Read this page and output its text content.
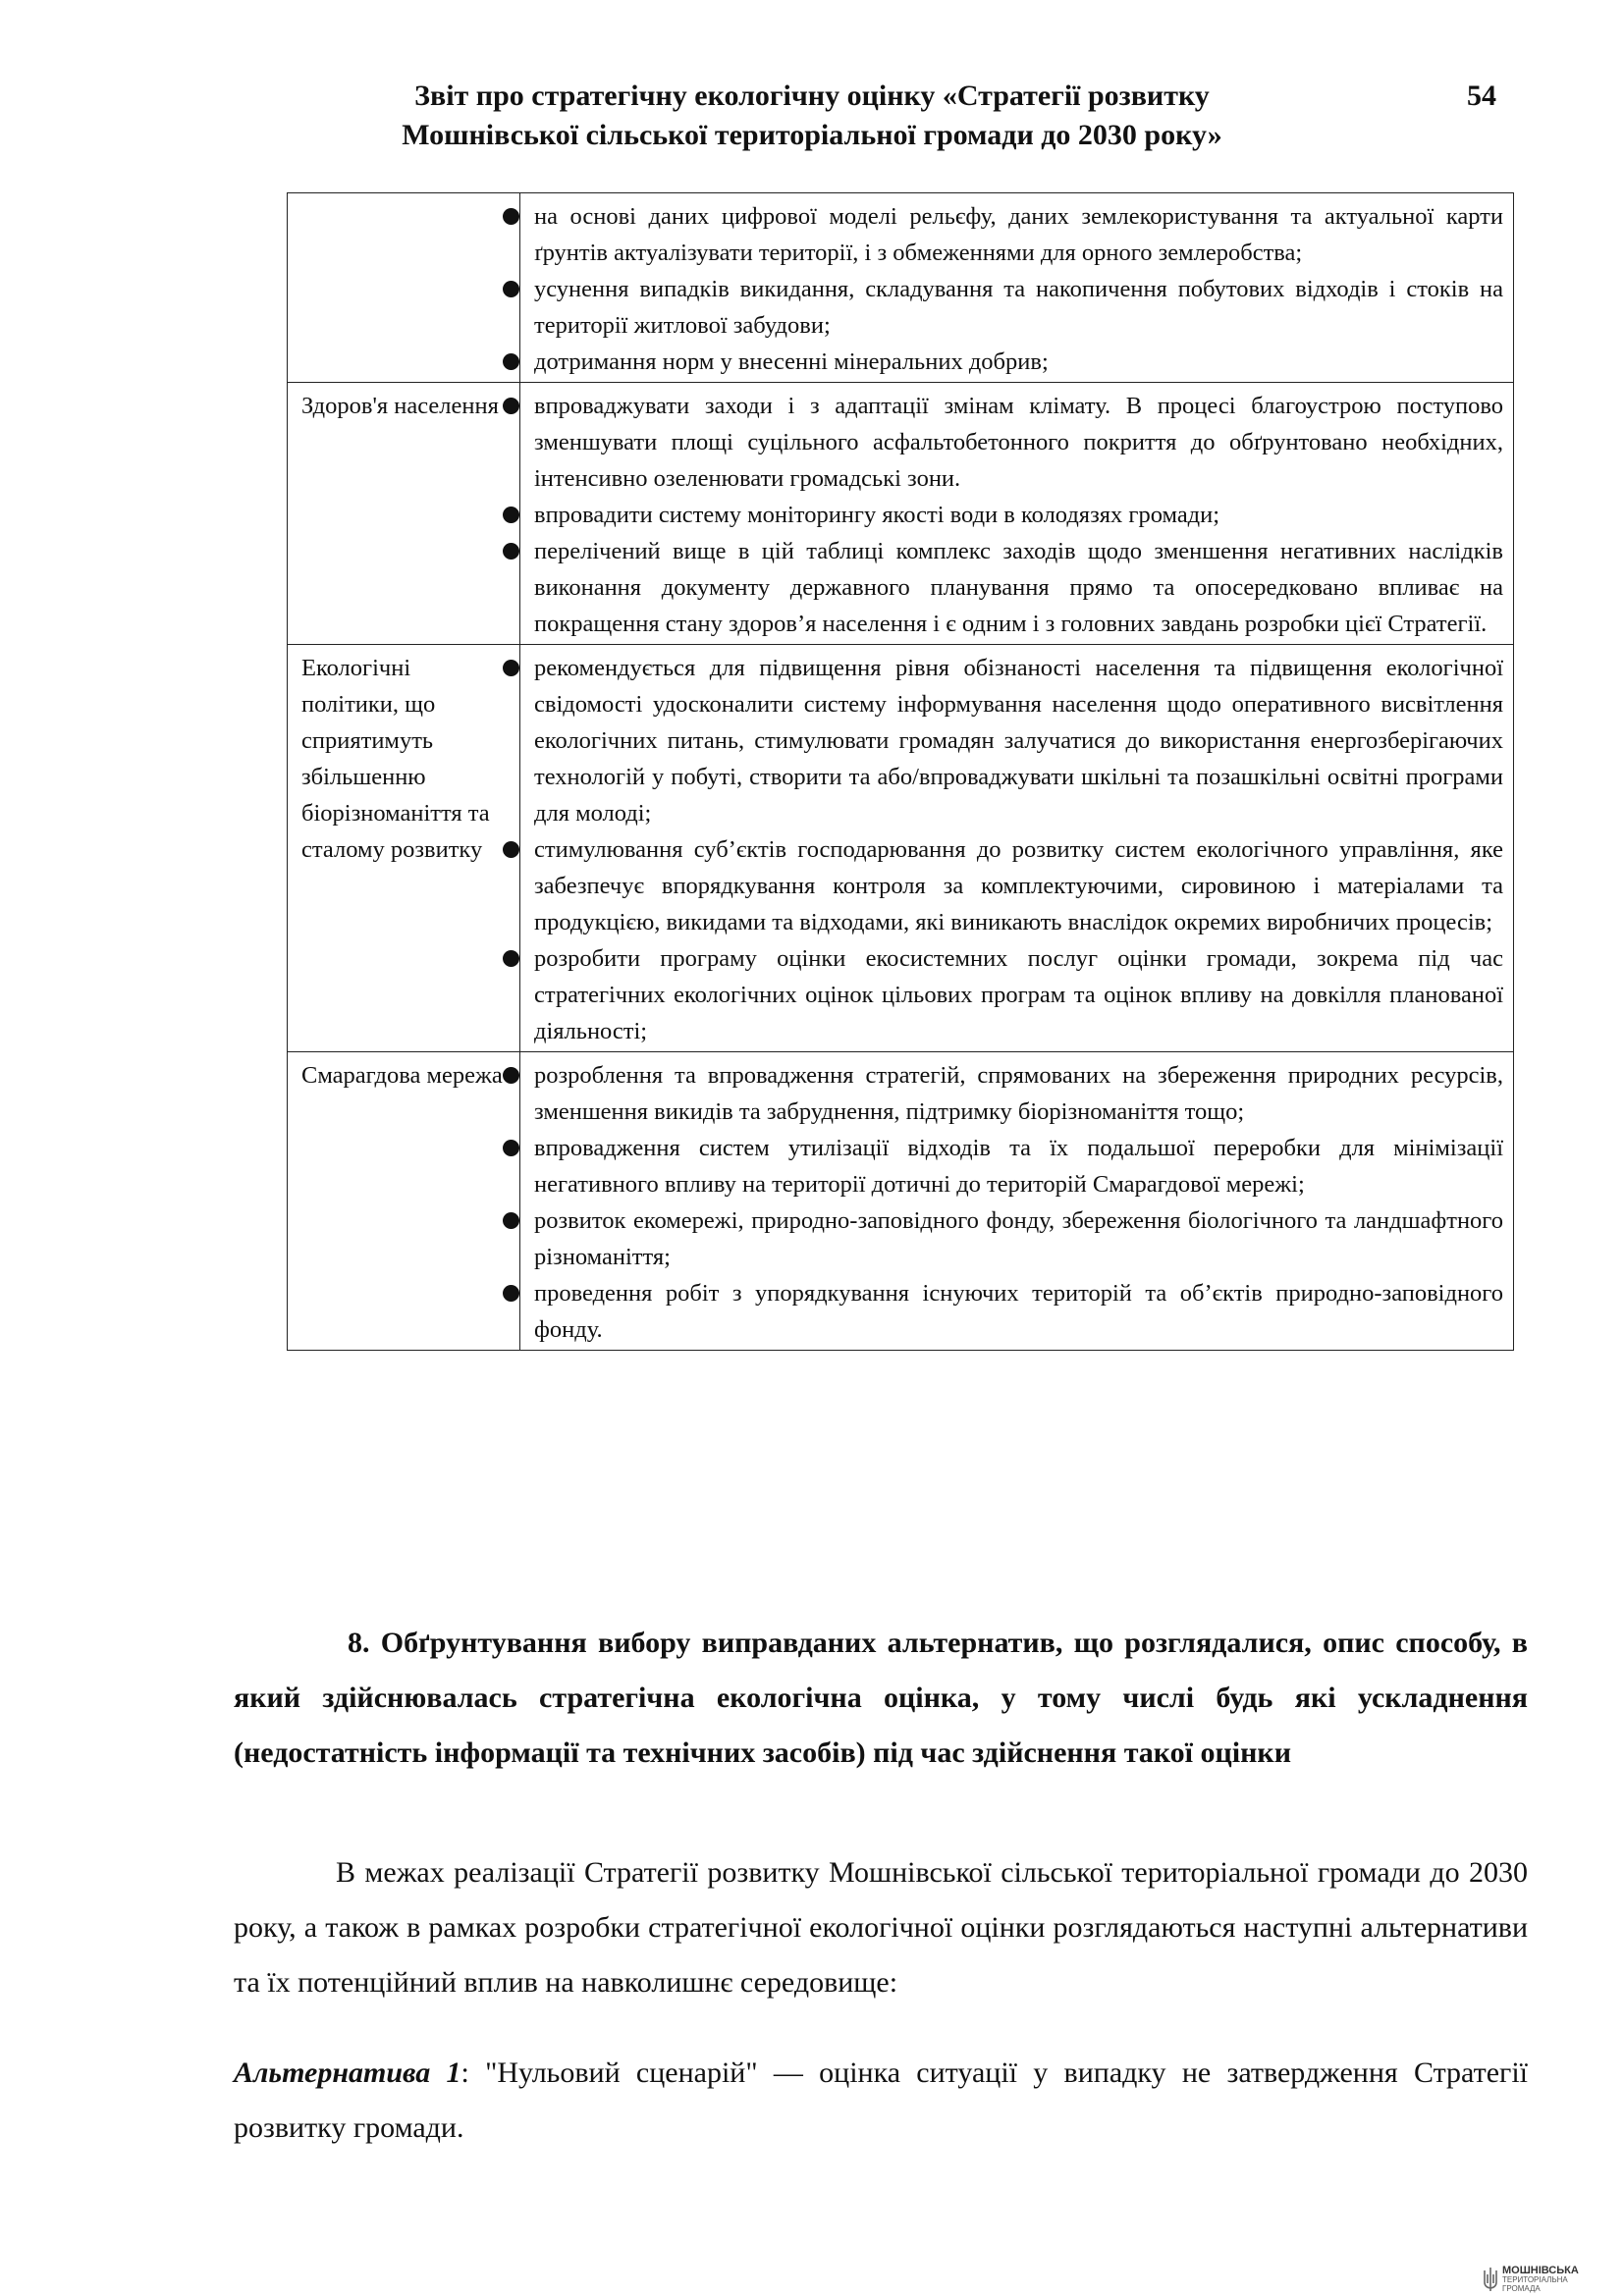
Звіт про стратегічну екологічну оцінку «Стратегії розвитку
Мошнівської сільської територіальної громади до 2030 року»
54

	на основі даних цифрової моделі рельєфу, даних землекористування та актуальної карти ґрунтів актуалізувати території, і з обмеженнями для орного землеробства;

усунення випадків викидання, складування та накопичення побутових відходів і стоків на території житлової забудови;

дотримання норм у внесенні мінеральних добрив;

Здоров'я населення	впроваджувати заходи і з адаптації змінам клімату. В процесі благоустрою поступово зменшувати площі суцільного асфальтобетонного покриття до обґрунтовано необхідних, інтенсивно озеленювати громадські зони.

впровадити систему моніторингу якості води в колодязях громади;

перелічений вище в цій таблиці комплекс заходів щодо зменшення негативних наслідків виконання документу державного планування прямо та опосередковано впливає на покращення стану здоров’я населення і є одним і з головних завдань розробки цієї Стратегії.

Екологічні політики, що сприятимуть збільшенню біорізноманіття та сталому розвитку	рекомендується для підвищення рівня обізнаності населення та підвищення екологічної свідомості удосконалити систему інформування населення щодо оперативного висвітлення екологічних питань, стимулювати громадян залучатися до використання енергозберігаючих технологій у побуті, створити та або/впроваджувати шкільні та позашкільні освітні програми для молоді;

стимулювання суб’єктів господарювання до розвитку систем екологічного управління, яке забезпечує впорядкування контроля за комплектуючими, сировиною і матеріалами та продукцією, викидами та відходами, які виникають внаслідок окремих виробничих процесів;

розробити програму оцінки екосистемних послуг оцінки громади, зокрема під час стратегічних екологічних оцінок цільових програм та оцінок впливу на довкілля планованої діяльності;

Смарагдова мережа	розроблення та впровадження стратегій, спрямованих на збереження природних ресурсів, зменшення викидів та забруднення, підтримку біорізноманіття тощо;

впровадження систем утилізації відходів та їх подальшої переробки для мінімізації негативного впливу на території дотичні до територій Смарагдової мережі;

розвиток екомережі, природно-заповідного фонду, збереження біологічного та ландшафтного різноманіття;

проведення робіт з упорядкування існуючих територій та об’єктів природно-заповідного фонду.

8. Обґрунтування вибору виправданих альтернатив, що розглядалися, опис способу, в який здійснювалась стратегічна екологічна оцінка, у тому числі будь які ускладнення (недостатність інформації та технічних засобів) під час здійснення такої оцінки
В межах реалізації Стратегії розвитку Мошнівської сільської територіальної громади до 2030 року, а також в рамках розробки стратегічної екологічної оцінки розглядаються наступні альтернативи та їх потенційний вплив на навколишнє середовище:
Альтернатива 1: "Нульовий сценарій" — оцінка ситуації у випадку не затвердження Стратегії розвитку громади.
МОШНІВСЬКА
ТЕРИТОРІАЛЬНА
ГРОМАДА
